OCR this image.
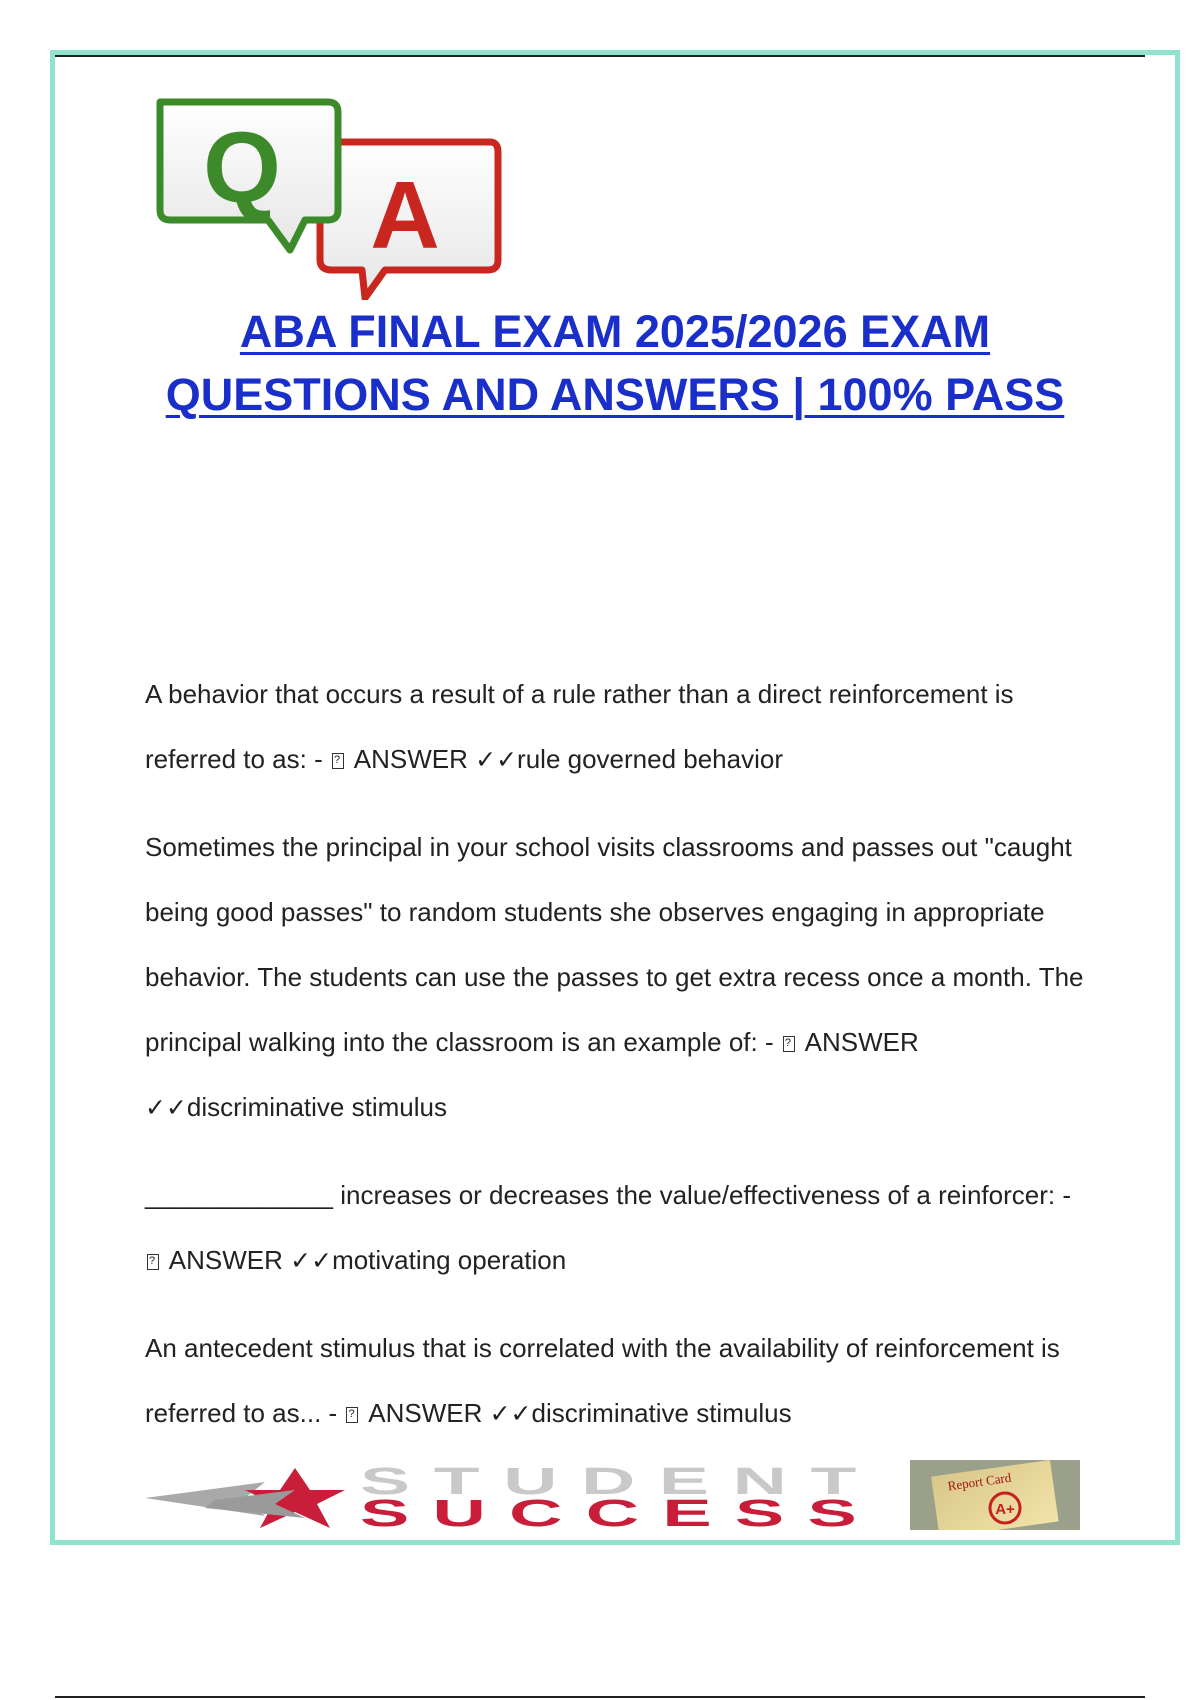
A
Q
ABA FINAL EXAM 2025/2026 EXAM QUESTIONS AND ANSWERS | 100% PASS

A behavior that occurs a result of a rule rather than a direct reinforcement is referred to as: - ? ANSWER ✓✓rule governed behavior

Sometimes the principal in your school visits classrooms and passes out "caught being good passes" to random students she observes engaging in appropriate behavior. The students can use the passes to get extra recess once a month. The principal walking into the classroom is an example of: - ? ANSWER ✓✓discriminative stimulus

_____________ increases or decreases the value/effectiveness of a reinforcer: - ? ANSWER ✓✓motivating operation

An antecedent stimulus that is correlated with the availability of reinforcement is referred to as... - ? ANSWER ✓✓discriminative stimulus

STUDENT
SUCCESS
Report Card
A+
